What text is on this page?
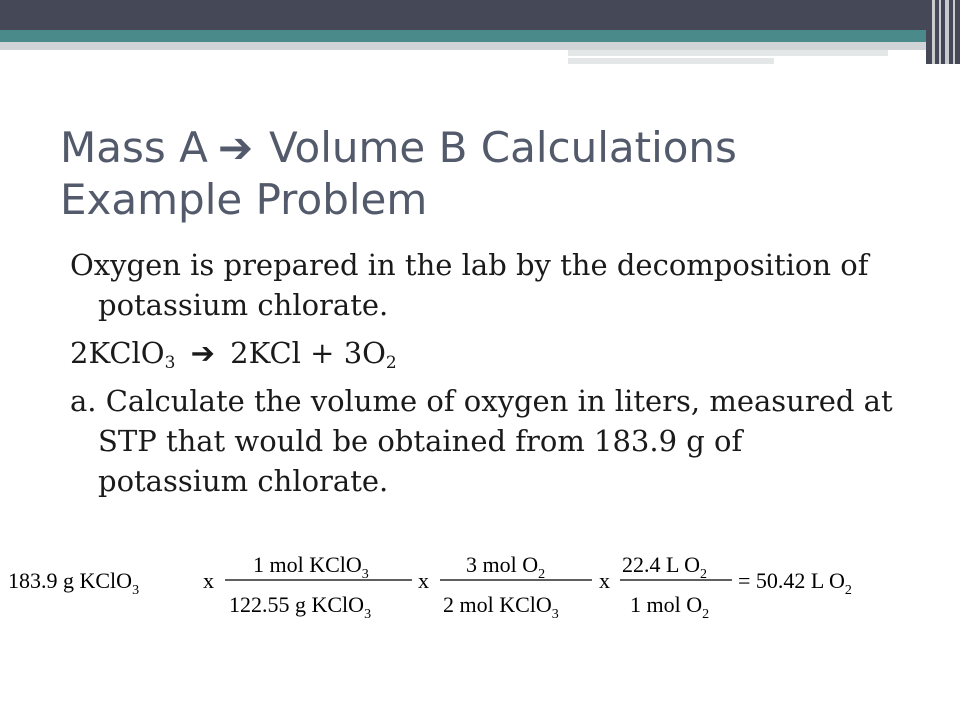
Mass A ➔ Volume B Calculations
Example Problem

Oxygen is prepared in the lab by the decomposition of potassium chlorate.

2KClO$_3$ ➔ $2KCl + 3O_2$

a. Calculate the volume of oxygen in liters, measured at STP that would be obtained from 183.9 g of potassium chlorate.

183.9 g KClO$_3$	x
1 mol KClO$_3$
122.55 g KClO$_3$
x
3 mol $O_2$
2 mol KClO$_3$
x
22.4 L $O_2$
1 mol $O_2$
= 50.42 L $O_2$
